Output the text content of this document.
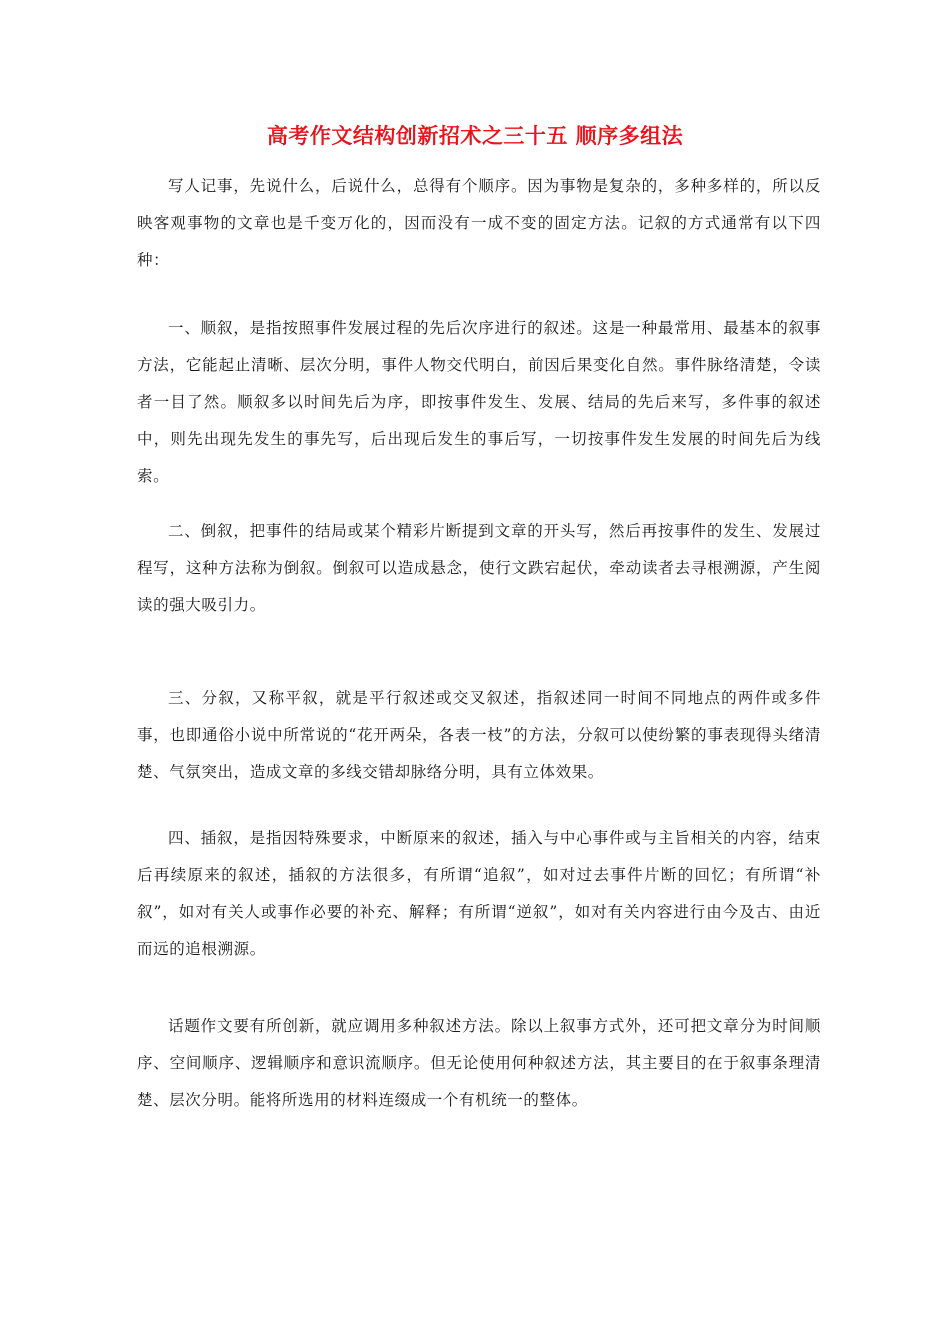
高考作文结构创新招术之三十五 顺序多组法

写人记事，先说什么，后说什么，总得有个顺序。因为事物是复杂的，多种多样的，所以反映客观事物的文章也是千变万化的，因而没有一成不变的固定方法。记叙的方式通常有以下四种：

一、顺叙，是指按照事件发展过程的先后次序进行的叙述。这是一种最常用、最基本的叙事方法，它能起止清晰、层次分明，事件人物交代明白，前因后果变化自然。事件脉络清楚，令读者一目了然。顺叙多以时间先后为序，即按事件发生、发展、结局的先后来写，多件事的叙述中，则先出现先发生的事先写，后出现后发生的事后写，一切按事件发生发展的时间先后为线索。

二、倒叙，把事件的结局或某个精彩片断提到文章的开头写，然后再按事件的发生、发展过程写，这种方法称为倒叙。倒叙可以造成悬念，使行文跌宕起伏，牵动读者去寻根溯源，产生阅读的强大吸引力。

三、分叙，又称平叙，就是平行叙述或交叉叙述，指叙述同一时间不同地点的两件或多件事，也即通俗小说中所常说的“花开两朵，各表一枝”的方法，分叙可以使纷繁的事表现得头绪清楚、气氛突出，造成文章的多线交错却脉络分明，具有立体效果。

四、插叙，是指因特殊要求，中断原来的叙述，插入与中心事件或与主旨相关的内容，结束后再续原来的叙述，插叙的方法很多，有所谓“追叙”，如对过去事件片断的回忆；有所谓“补叙”，如对有关人或事作必要的补充、解释；有所谓“逆叙”，如对有关内容进行由今及古、由近而远的追根溯源。

话题作文要有所创新，就应调用多种叙述方法。除以上叙事方式外，还可把文章分为时间顺序、空间顺序、逻辑顺序和意识流顺序。但无论使用何种叙述方法，其主要目的在于叙事条理清楚、层次分明。能将所选用的材料连缀成一个有机统一的整体。
